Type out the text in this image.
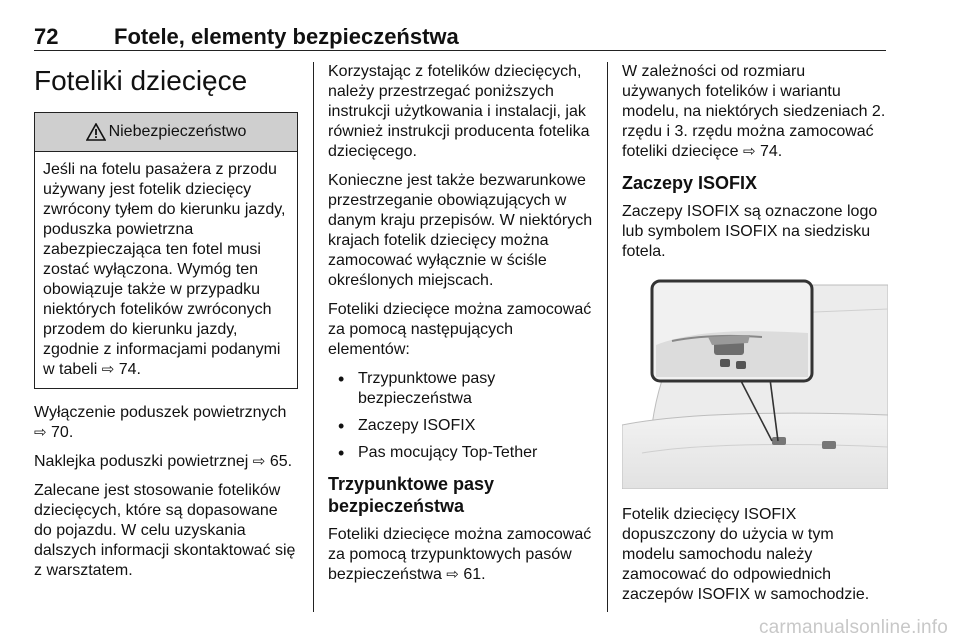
72	Fotele, elementy bezpieczeństwa
Foteliki dziecięce
Niebezpieczeństwo
Jeśli na fotelu pasażera z przodu używany jest fotelik dziecięcy zwrócony tyłem do kierunku jazdy, poduszka powietrzna zabezpieczająca ten fotel musi zostać wyłączona. Wymóg ten obowiązuje także w przypadku niektórych fotelików zwróconych przodem do kierunku jazdy, zgodnie z informacjami podanymi w tabeli ⇨ 74.

Wyłączenie poduszek powietrznych
⇨ 70.

Naklejka poduszki powietrznej ⇨ 65.

Zalecane jest stosowanie fotelików dziecięcych, które są dopasowane do pojazdu. W celu uzyskania dalszych informacji skontaktować się z warsztatem.

Korzystając z fotelików dziecięcych, należy przestrzegać poniższych instrukcji użytkowania i instalacji, jak również instrukcji producenta fotelika dziecięcego.

Konieczne jest także bezwarunkowe przestrzeganie obowiązujących w danym kraju przepisów. W niektórych krajach fotelik dziecięcy można zamocować wyłącznie w ściśle określonych miejscach.

Foteliki dziecięce można zamocować za pomocą następujących elementów:

• Trzypunktowe pasy bezpieczeństwa
• Zaczepy ISOFIX
• Pas mocujący Top-Tether
Trzypunktowe pasy bezpieczeństwa

Foteliki dziecięce można zamocować za pomocą trzypunktowych pasów bezpieczeństwa ⇨ 61.

W zależności od rozmiaru używanych fotelików i wariantu modelu, na niektórych siedzeniach 2. rzędu i 3. rzędu można zamocować foteliki dziecięce ⇨ 74.

Zaczepy ISOFIX

Zaczepy ISOFIX są oznaczone logo lub symbolem ISOFIX na siedzisku fotela.

Fotelik dziecięcy ISOFIX dopuszczony do użycia w tym modelu samochodu należy zamocować do odpowiednich zaczepów ISOFIX w samochodzie.

carmanualsonline.info
